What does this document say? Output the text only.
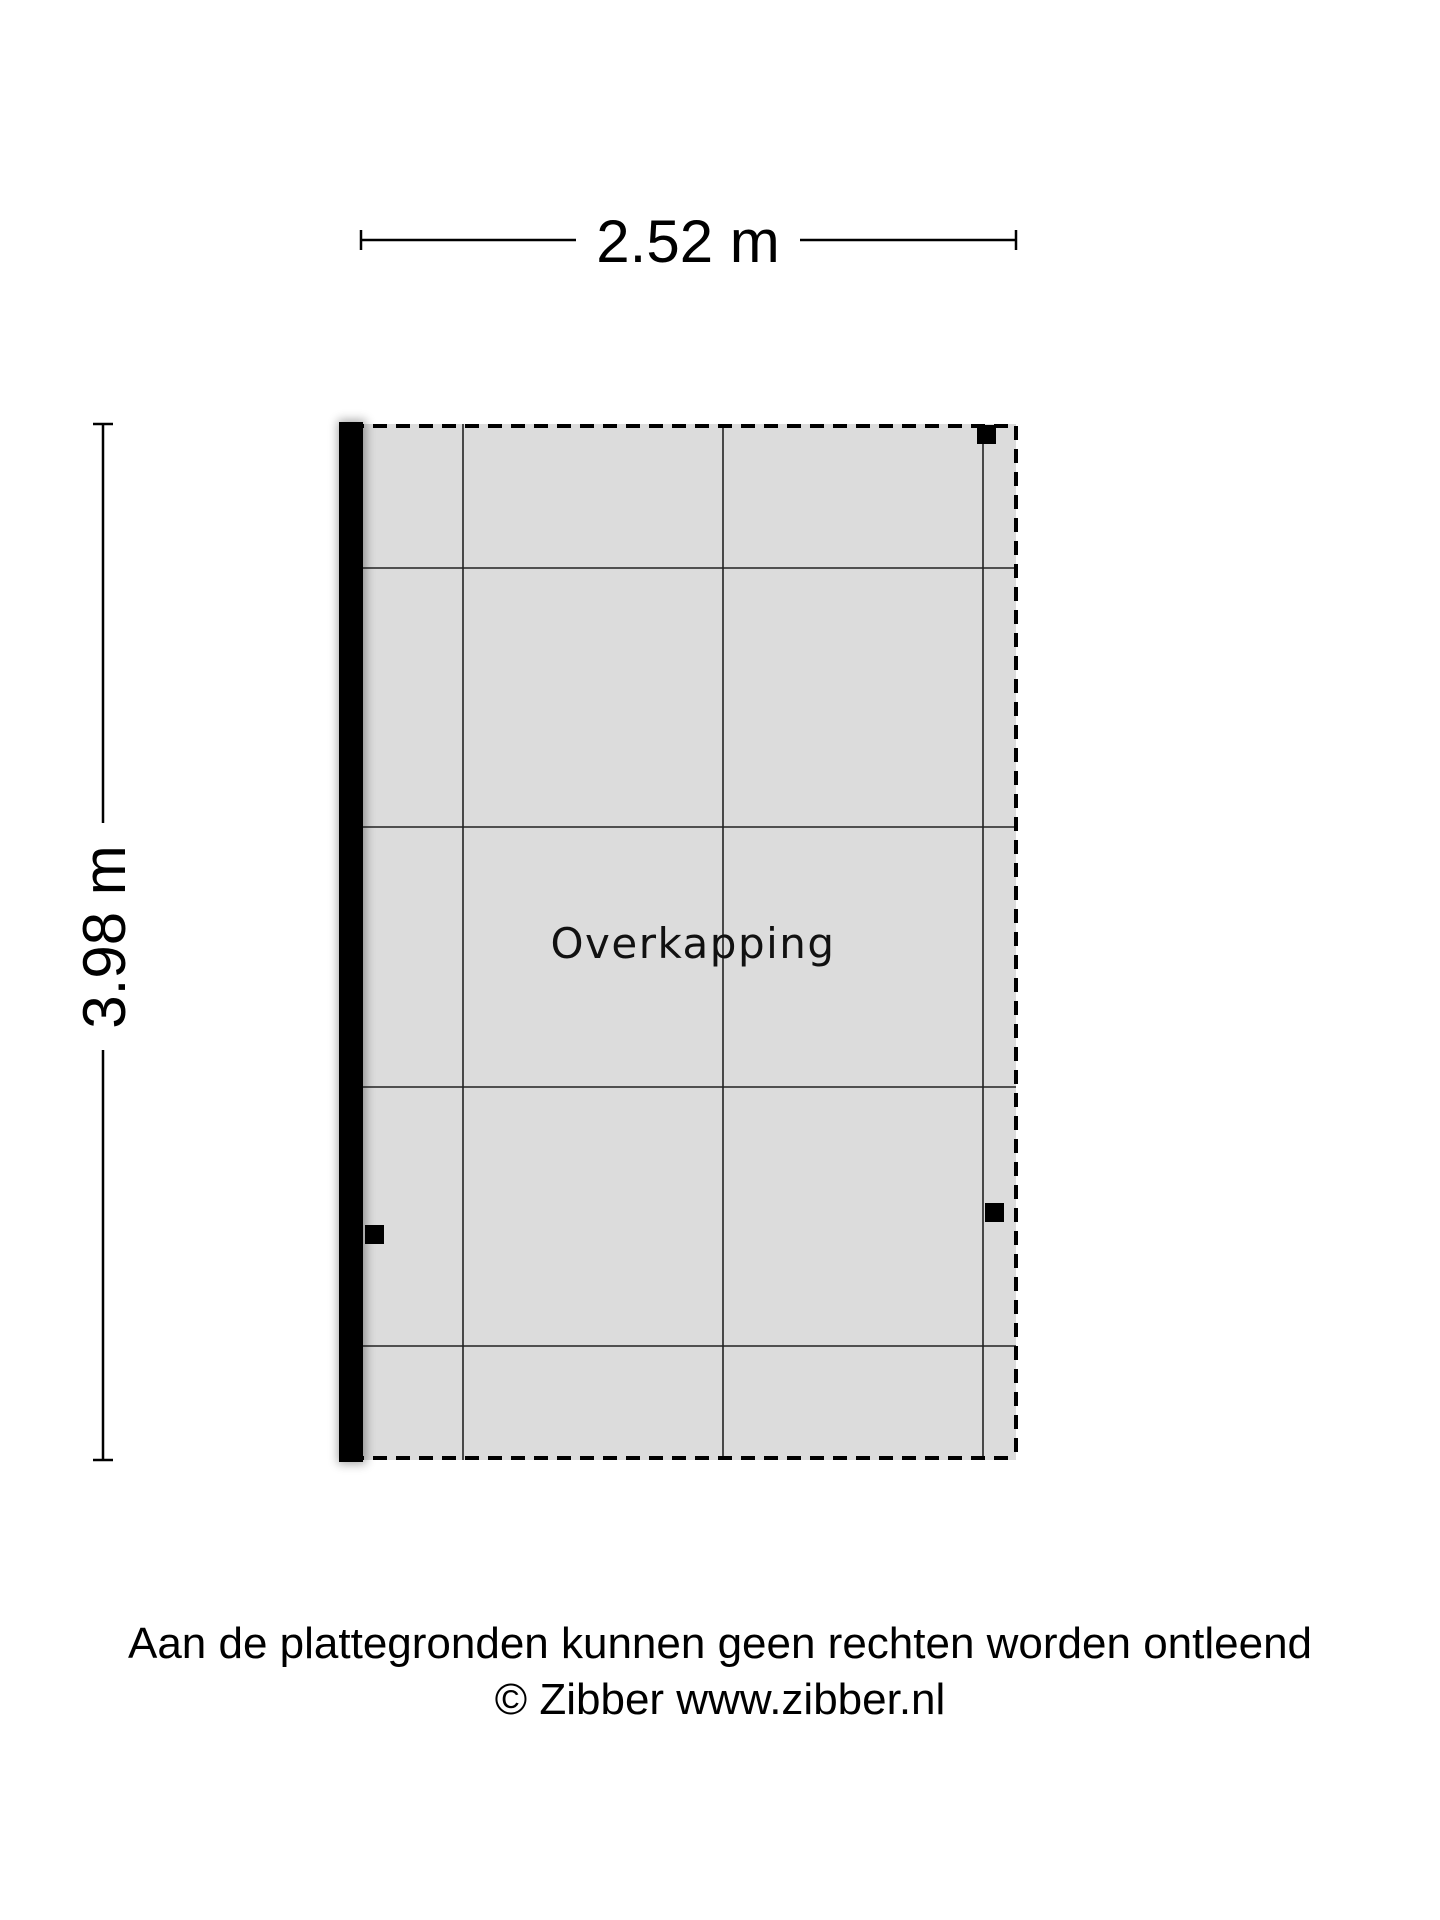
2.52 m
3.98 m	Overkapping
Aan de plattegronden kunnen geen rechten worden ontleend
© Zibber www.zibber.nl
